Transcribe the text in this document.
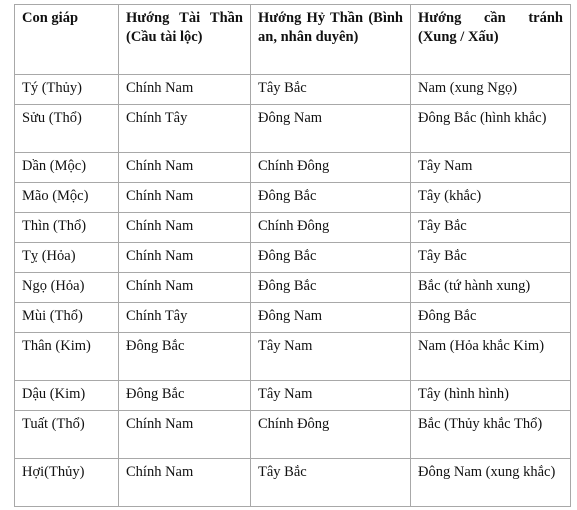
Con giáp	Hướng Tài Thần (Cầu tài lộc)	Hướng Hỷ Thần (Bình an, nhân duyên)	Hướng cần tránh (Xung / Xấu)
Tý (Thủy)	Chính Nam	Tây Bắc	Nam (xung Ngọ)
Sửu (Thổ)	Chính Tây	Đông Nam	Đông Bắc (hình khắc)
Dần (Mộc)	Chính Nam	Chính Đông	Tây Nam
Mão (Mộc)	Chính Nam	Đông Bắc	Tây (khắc)
Thìn (Thổ)	Chính Nam	Chính Đông	Tây Bắc
Tỵ (Hỏa)	Chính Nam	Đông Bắc	Tây Bắc
Ngọ (Hỏa)	Chính Nam	Đông Bắc	Bắc (tứ hành xung)
Mùi (Thổ)	Chính Tây	Đông Nam	Đông Bắc
Thân (Kim)	Đông Bắc	Tây Nam	Nam (Hỏa khắc Kim)
Dậu (Kim)	Đông Bắc	Tây Nam	Tây (hình hình)
Tuất (Thổ)	Chính Nam	Chính Đông	Bắc (Thủy khắc Thổ)
Hợi(Thủy)	Chính Nam	Tây Bắc	Đông Nam (xung khắc)
